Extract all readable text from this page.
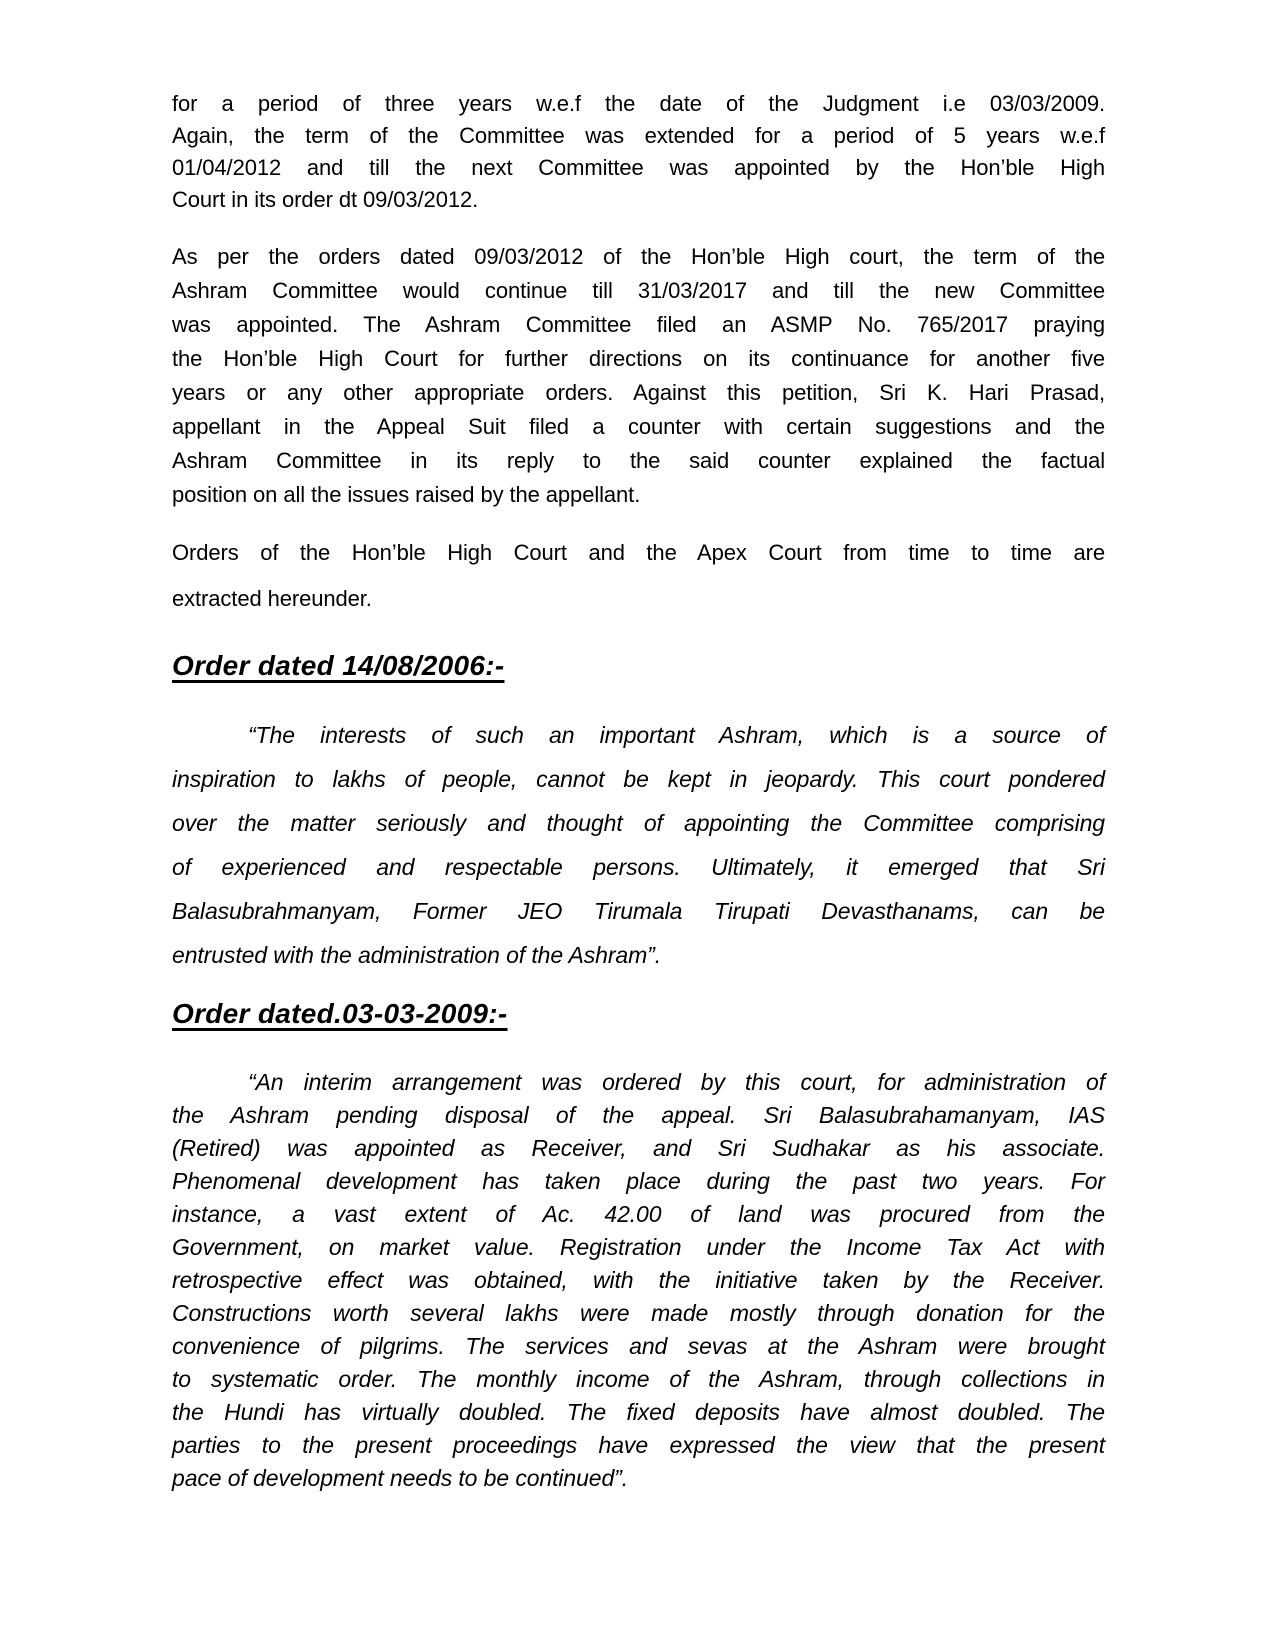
for a period of three years w.e.f the date of the Judgment i.e 03/03/2009.
Again, the term of the Committee was extended for a period of 5 years w.e.f
01/04/2012 and till the next Committee was appointed by the Hon’ble High
Court in its order dt 09/03/2012.
As per the orders dated 09/03/2012 of the Hon’ble High court, the term of the
Ashram Committee would continue till 31/03/2017 and till the new Committee
was appointed. The Ashram Committee filed an ASMP No. 765/2017 praying
the Hon’ble High Court for further directions on its continuance for another five
years or any other appropriate orders. Against this petition, Sri K. Hari Prasad,
appellant in the Appeal Suit filed a counter with certain suggestions and the
Ashram Committee in its reply to the said counter explained the factual
position on all the issues raised by the appellant.
Orders of the Hon’ble High Court and the Apex Court from time to time are
extracted hereunder.
Order dated 14/08/2006:-
“The interests of such an important Ashram, which is a source of
inspiration to lakhs of people, cannot be kept in jeopardy. This court pondered
over the matter seriously and thought of appointing the Committee comprising
of experienced and respectable persons. Ultimately, it emerged that Sri
Balasubrahmanyam, Former JEO Tirumala Tirupati Devasthanams, can be
entrusted with the administration of the Ashram”.
Order dated.03-03-2009:-
“An interim arrangement was ordered by this court, for administration of
the Ashram pending disposal of the appeal. Sri Balasubrahamanyam, IAS
(Retired) was appointed as Receiver, and Sri Sudhakar as his associate.
Phenomenal development has taken place during the past two years. For
instance, a vast extent of Ac. 42.00 of land was procured from the
Government, on market value. Registration under the Income Tax Act with
retrospective effect was obtained, with the initiative taken by the Receiver.
Constructions worth several lakhs were made mostly through donation for the
convenience of pilgrims. The services and sevas at the Ashram were brought
to systematic order. The monthly income of the Ashram, through collections in
the Hundi has virtually doubled. The fixed deposits have almost doubled. The
parties to the present proceedings have expressed the view that the present
pace of development needs to be continued”.
